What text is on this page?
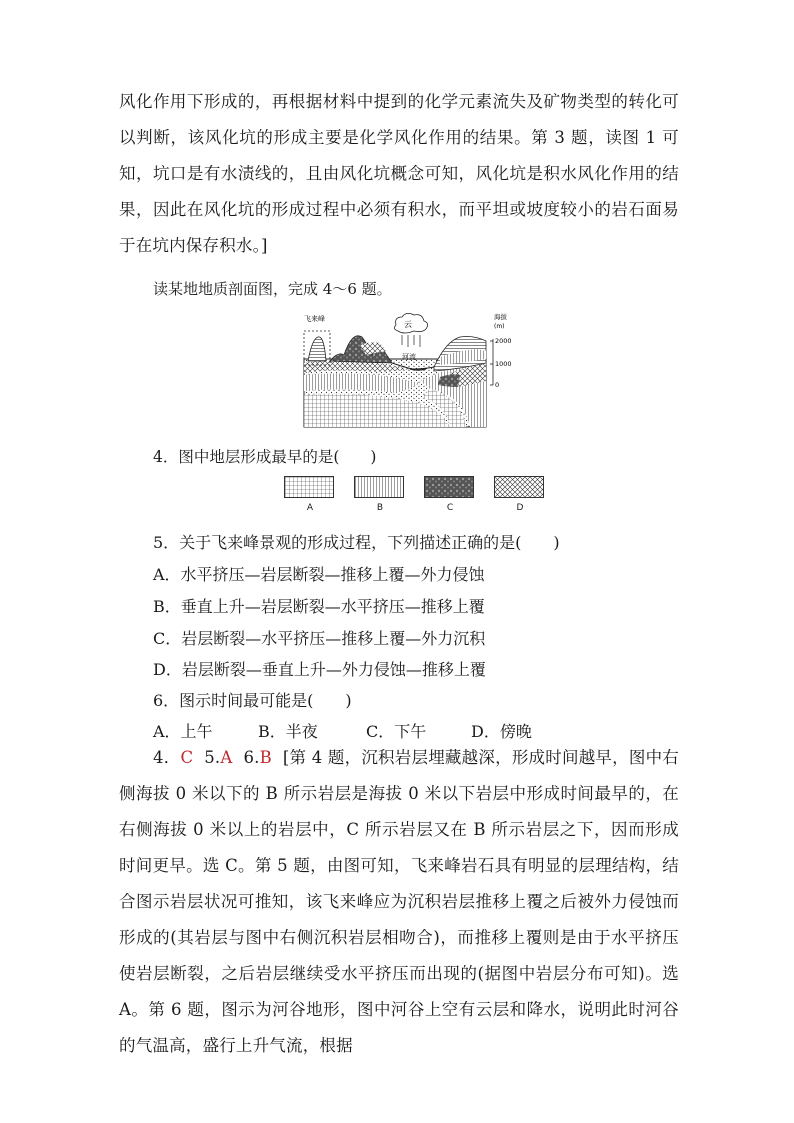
风化作用下形成的，再根据材料中提到的化学元素流失及矿物类型的转化可以判断，该风化坑的形成主要是化学风化作用的结果。第 3 题，读图 1 可知，坑口是有水渍线的，且由风化坑概念可知，风化坑是积水风化作用的结果，因此在风化坑的形成过程中必须有积水，而平坦或坡度较小的岩石面易于在坑内保存积水。]
读某地地质剖面图，完成 4～6 题。
飞来峰
云
河流
海拔
(m)
2000
1000
0
4．图中地层形成最早的是(　　)
A	B	C	D
5．关于飞来峰景观的形成过程，下列描述正确的是(　　)
A．水平挤压—岩层断裂—推移上覆—外力侵蚀
B．垂直上升—岩层断裂—水平挤压—推移上覆
C．岩层断裂—水平挤压—推移上覆—外力沉积
D．岩层断裂—垂直上升—外力侵蚀—推移上覆
6．图示时间最可能是(　　)
A．上午	B．半夜	C．下午	D．傍晚
4．C 5.A 6.B [第 4 题，沉积岩层埋藏越深，形成时间越早，图中右侧海拔 0 米以下的 B 所示岩层是海拔 0 米以下岩层中形成时间最早的，在右侧海拔 0 米以上的岩层中，C 所示岩层又在 B 所示岩层之下，因而形成时间更早。选 C。第 5 题，由图可知，飞来峰岩石具有明显的层理结构，结合图示岩层状况可推知，该飞来峰应为沉积岩层推移上覆之后被外力侵蚀而形成的(其岩层与图中右侧沉积岩层相吻合)，而推移上覆则是由于水平挤压使岩层断裂，之后岩层继续受水平挤压而出现的(据图中岩层分布可知)。选 A。第 6 题，图示为河谷地形，图中河谷上空有云层和降水，说明此时河谷的气温高，盛行上升气流，根据
